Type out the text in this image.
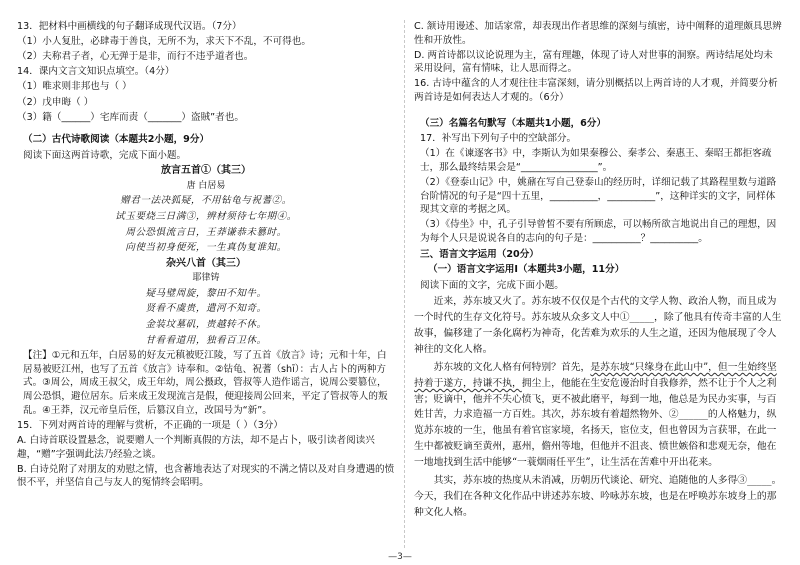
13．把材料中画横线的句子翻译成现代汉语。（7分）

（1）小人复肚，必肆毒于善良，无所不为，求天下不乱，不可得也。

（2）夫称君子者，心无弹于是非，而行不违乎道者也。

14．课内文言文知识点填空。（4分）

（1）唯求则非邦也与（ ）

（2）戊申晦（ ）

（3）籍（______）宅库而责（_______）盗賊”者也。

（二）古代诗歌阅读（本题共2小题，9分）

阅读下面这两首诗歌，完成下面小题。

放言五首①（其三）

唐 白居易

赠君一法决狐疑，不用钻龟与祝蓍②。

试玉要烧三日满③，辨材须待七年期④。

周公恐惧流言日，王莽谦恭未篡时。

向使当初身便死，一生真伪复谁知。

杂兴八首（其三）

耶律铸

疑马璧周旋，黎田不知牛。

贤看不虞贵，遣河不知奇。

金装坟墓矶，贵越转不休。

甘看看道用，独看百卫休。

【注】①元和五年，白居易的好友元稹被贬江陵，写了五首《放言》诗；元和十年，白居易被贬江州，也写了五首《放言》诗奉和。②钻龟、祝蓍（shī）：古人占卜的两种方式。③周公，周成王叔父，成王年幼，周公摄政，管叔等人造作谣言，说周公要篡位，周公恐惧，避位居东。后来成王发现流言是假，便迎接周公回来，平定了管叔等人的叛乱。④王莽，汉元帝皇后侄，后篡汉自立，改国号为“新”。

15．下列对两首诗的理解与赏析，不正确的一项是（ ）（3分）

A. 白诗首联设置悬念，说要赠人一个判断真假的方法，却不是占卜，吸引读者阅读兴趣，“赠”字强调此法乃经验之谈。

B. 白诗兑附了对朋友的劝慰之情，也含蓄地表达了对现实的不满之情以及对自身遭遇的愤恨不平，并坚信自己与友人的冤情终会昭明。

C. 颔诗用谩述、加话家常，却表现出作者思维的深刻与缜密，诗中阐释的道理颇具思辨性和开放性。

D. 两首诗都以议论说理为主，富有理趣，体现了诗人对世事的洞察。两诗结尾处均未采用设问，富有情味，让人思而得之。

16. 古诗中蕴含的人才观往往丰富深刻，请分别概括以上两首诗的人才观，并简要分析两首诗是如何表达人才观的。（6分）

（三）名篇名句默写（本题共1小题，6分）

17．补写出下列句子中的空缺部分。

（1）在《谏逐客书》中，李斯认为如果秦穆公、秦孝公、秦惠王、秦昭王都拒客疏士，那么最终结果会是“________________”。

（2）《登泰山记》中，姚鼐在写自己登泰山的经历时，详细记载了其路程里数与道路台阶情况的句子是“四十五里，__________，__________”，这种详实的文字，同样体现其文章的考据之风。

（3）《侍坐》中，孔子引导曾皙不要有所顾虑，可以畅所欲言地说出自己的理想，因为每个人只是说说各自的志向的句子是：__________？__________。

三、语言文字运用（20分）

（一）语言文字运用Ⅰ（本题共3小题，11分）

阅读下面的文字，完成下面小题。

近来，苏东坡又火了。苏东坡不仅仅是个古代的文学人物、政治人物，而且成为一个时代的生存文化符号。苏东坡从众多文人中①_____，除了他具有传奇丰富的人生故事，偏移建了一条化腐朽为神奇，化苦难为欢乐的人生之道，还因为他展现了令人神往的文化人格。

苏东坡的文化人格有何特别？首先，是苏东坡“只缘身在此山中”，但一生始终坚持着于遂方，持谦不执，拥尘上，他能在生安危谩治时自我修养，然不让于个人之利害；贬谪中，他并不失心愤飞，更不被此磨平，每到一地，他总是为民办实事，与百姓甘苦，力求造福一方百姓。其次，苏东坡有着超然物外、②______的人格魅力，纵览苏东坡的一生，他虽有着官宦家境，名扬天，宦位支，但也曾因为言获罪，在此一生中都被贬谪至黄州，惠州，儋州等地，但他并不沮丧、愤世嫉俗和悲观无奈，他在一地地找到生活中能够“一蓑烟雨任平生”，让生活在苦难中开出花来。

其实，苏东坡的热度从未消减，历朝历代谈论、研究、追随他的人多得③_____。今天，我们在各种文化作品中讲述苏东坡、吟咏苏东坡，也是在呼唤苏东坡身上的那种文化人格。

—3—
